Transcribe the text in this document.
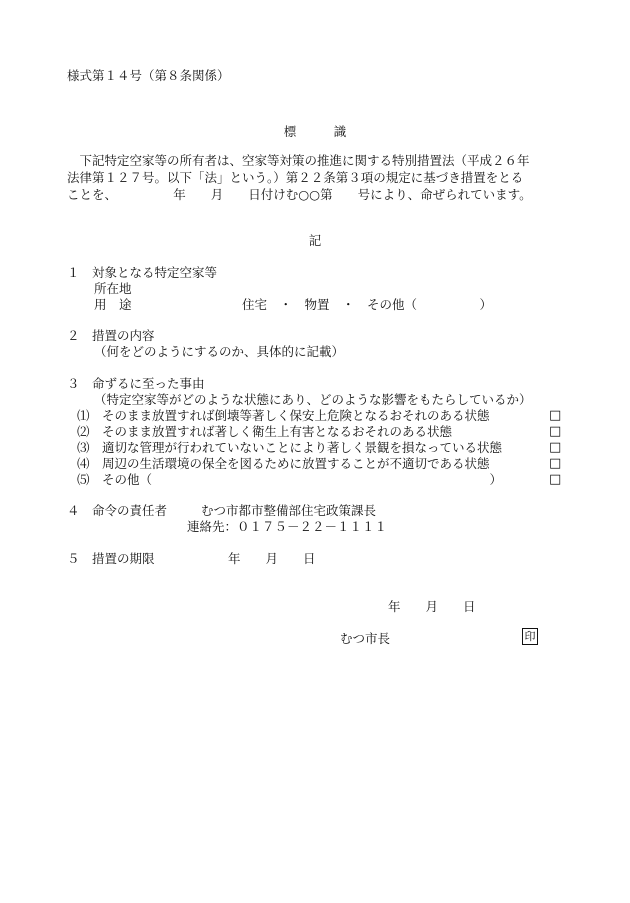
様式第１４号（第８条関係）
標　　　識
　下記特定空家等の所有者は、空家等対策の推進に関する特別措置法（平成２６年
法律第１２７号。以下「法」という。）第２２条第３項の規定に基づき措置をとる
ことを、　　　　　年　　月　　日付けむ○○第　　号により、命ぜられています。
記
１　対象となる特定空家等
所在地
用　途	住宅　・　物置　・　その他（　　　　　）
２　措置の内容
（何をどのようにするのか、具体的に記載）
３　命ずるに至った事由
（特定空家等がどのような状態にあり、どのような影響をもたらしているか）
⑴　 そのまま放置すれば倒壊等著しく保安上危険となるおそれのある状態	□
⑵　 そのまま放置すれば著しく衛生上有害となるおそれのある状態	□
⑶　 適切な管理が行われていないことにより著しく景観を損なっている状態	□
⑷　 周辺の生活環境の保全を図るために放置することが不適切である状態	□
⑸　 その他（　　　　　　　　　　　　　　　　　　　　　　　　　　　）	□
４　命令の責任者	むつ市都市整備部住宅政策課長
連絡先：０１７５－２２－１１１１
５　措置の期限	年　　月　　日
年　　月　　日
むつ市長	印
